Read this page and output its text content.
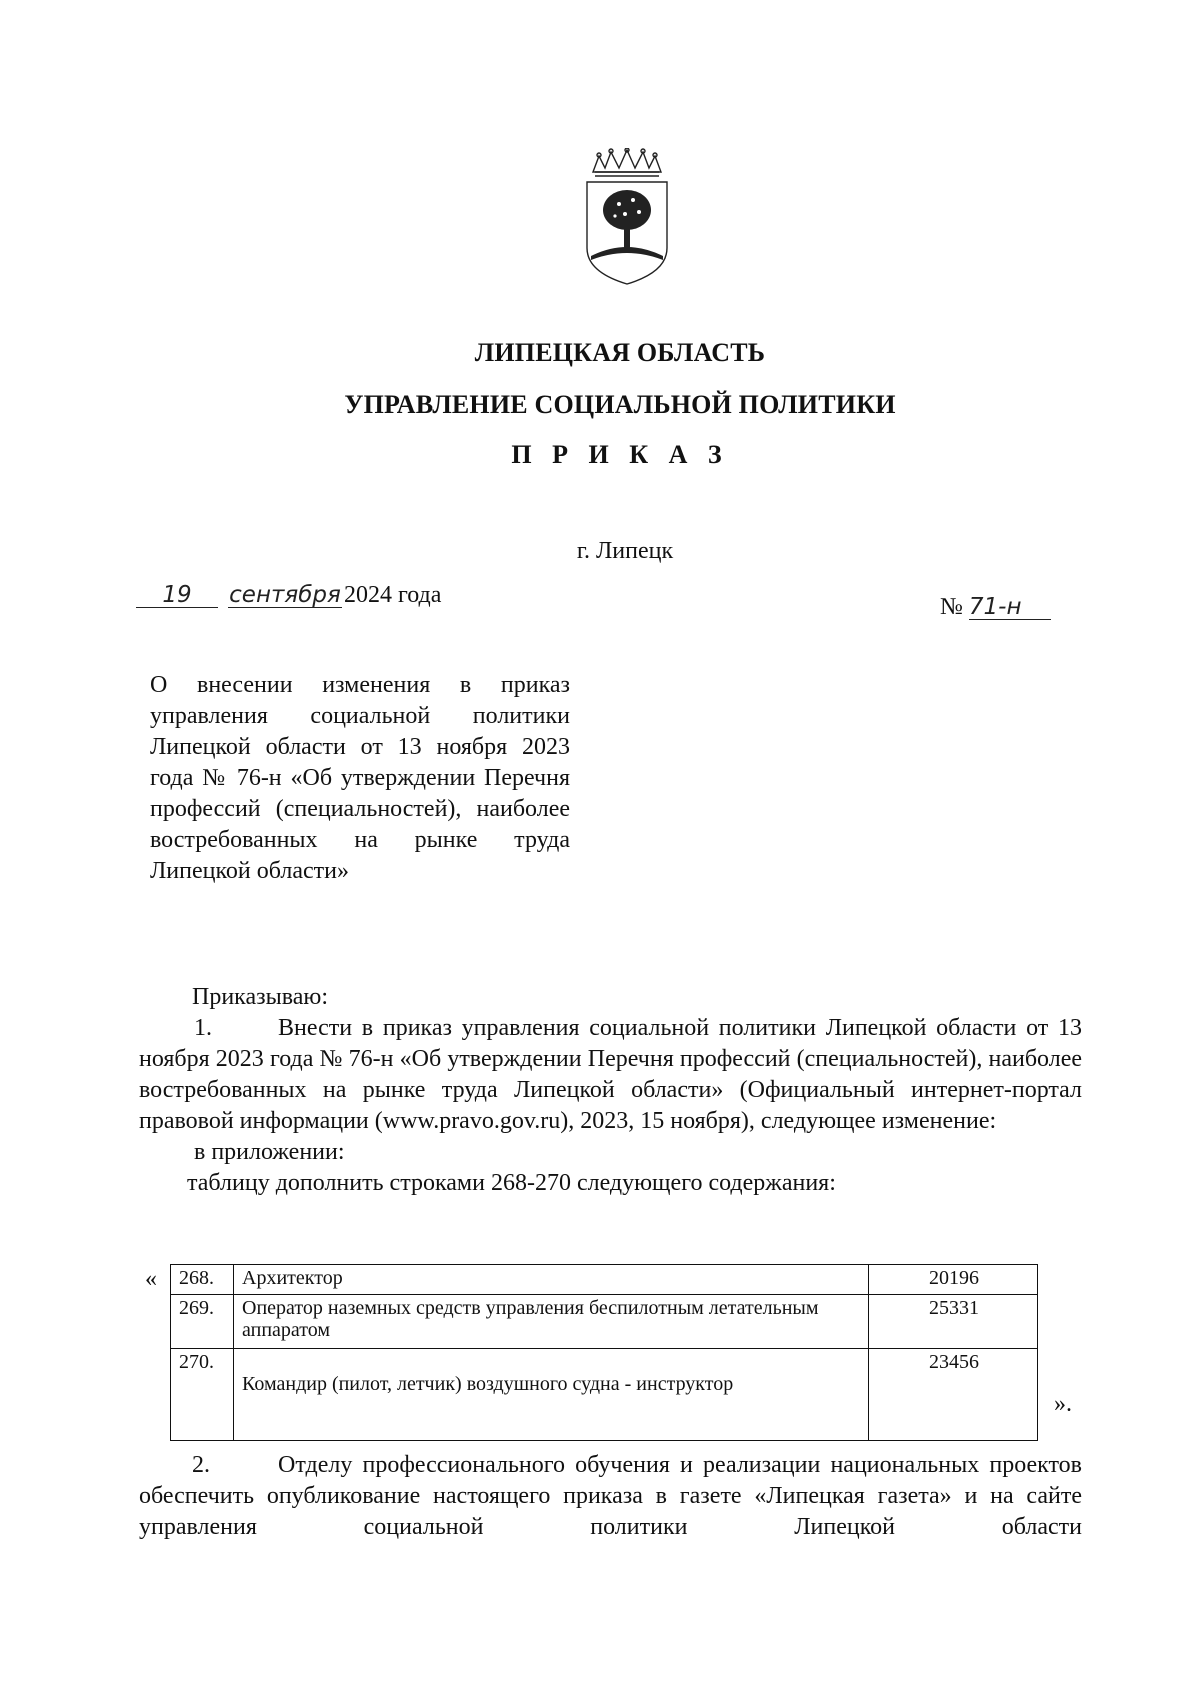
ЛИПЕЦКАЯ ОБЛАСТЬ
УПРАВЛЕНИЕ СОЦИАЛЬНОЙ ПОЛИТИКИ
П Р И К А З
г. Липецк
19 сентября 2024 года	№ 71-н

О внесении изменения в приказ управления социальной политики Липецкой области от 13 ноября 2023 года № 76-н «Об утверждении Перечня профессий (специальностей), наиболее востребованных на рынке труда Липецкой области»

Приказываю:

1.	Внести в приказ управления социальной политики Липецкой области от 13 ноября 2023 года № 76-н «Об утверждении Перечня профессий (специальностей), наиболее востребованных на рынке труда Липецкой области» (Официальный интернет-портал правовой информации (www.pravo.gov.ru), 2023, 15 ноября), следующее изменение:

в приложении:

таблицу дополнить строками 268-270 следующего содержания:

« 268.	Архитектор	20196
269.	Оператор наземных средств управления беспилотным летательным аппаратом	25331
270.	Командир (пилот, летчик) воздушного судна - инструктор	23456
».

2.	Отделу профессионального обучения и реализации национальных проектов обеспечить опубликование настоящего приказа в газете «Липецкая газета» и на сайте управления социальной политики Липецкой области
